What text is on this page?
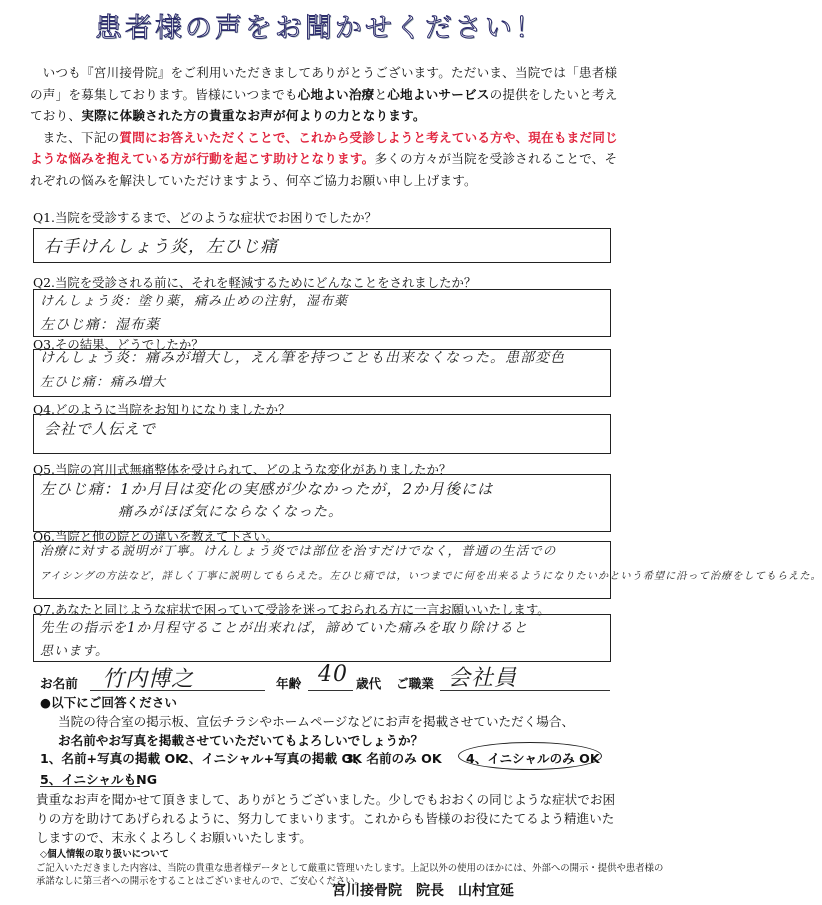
患者様の声をお聞かせください！

いつも『宮川接骨院』をご利用いただきましてありがとうございます。ただいま、当院では「患者様の声」を募集しております。皆様にいつまでも心地よい治療と心地よいサービスの提供をしたいと考えており、実際に体験された方の貴重なお声が何よりの力となります。

また、下記の質問にお答えいただくことで、これから受診しようと考えている方や、現在もまだ同じような悩みを抱えている方が行動を起こす助けとなります。多くの方々が当院を受診されることで、それぞれの悩みを解決していただけますよう、何卒ご協力お願い申し上げます。

Q1.当院を受診するまで、どのような症状でお困りでしたか？
右手けんしょう炎，左ひじ痛
Q2.当院を受診される前に、それを軽減するためにどんなことをされましたか？
けんしょう炎：塗り薬，痛み止めの注射，湿布薬
左ひじ痛：湿布薬
Q3.その結果、どうでしたか？
けんしょう炎：痛みが増大し，えん筆を持つことも出来なくなった。患部変色
左ひじ痛：痛み増大
Q4.どのように当院をお知りになりましたか？
会社で人伝えで
Q5.当院の宮川式無痛整体を受けられて、どのような変化がありましたか？
左ひじ痛：1か月目は変化の実感が少なかったが，2か月後には
痛みがほぼ気にならなくなった。
Q6.当院と他の院との違いを教えて下さい。
治療に対する説明が丁寧。けんしょう炎では部位を治すだけでなく，普通の生活での
アイシングの方法など，詳しく丁寧に説明してもらえた。左ひじ痛では，いつまでに何を出来るようになりたいかという希望に沿って治療をしてもらえた。
Q7.あなたと同じような症状で困っていて受診を迷っておられる方に一言お願いいたします。
先生の指示を1か月程守ることが出来れば，諦めていた痛みを取り除けると
思います。
お名前 竹内博之	年齢 40 歳代 ご職業 会社員
●以下にご回答ください
当院の待合室の掲示板、宣伝チラシやホームページなどにお声を掲載させていただく場合、
お名前やお写真を掲載させていただいてもよろしいでしょうか？
1、名前+写真の掲載 OK
2、イニシャル+写真の掲載 OK
3、名前のみ OK 4、イニシャルのみ OK
5、イニシャルもNG
貴重なお声を聞かせて頂きまして、ありがとうございました。少しでもおおくの同じような症状でお困りの方を助けてあげられるように、努力してまいります。これからも皆様のお役にたてるよう精進いたしますので、末永くよろしくお願いいたします。
◇個人情報の取り扱いについて
ご記入いただきました内容は、当院の貴重な患者様データとして厳重に管理いたします。上記以外の使用のほかには、外部への開示・提供や患者様の
承諾なしに第三者への開示をすることはございませんので、ご安心ください。
宮川接骨院　院長　山村宜延
